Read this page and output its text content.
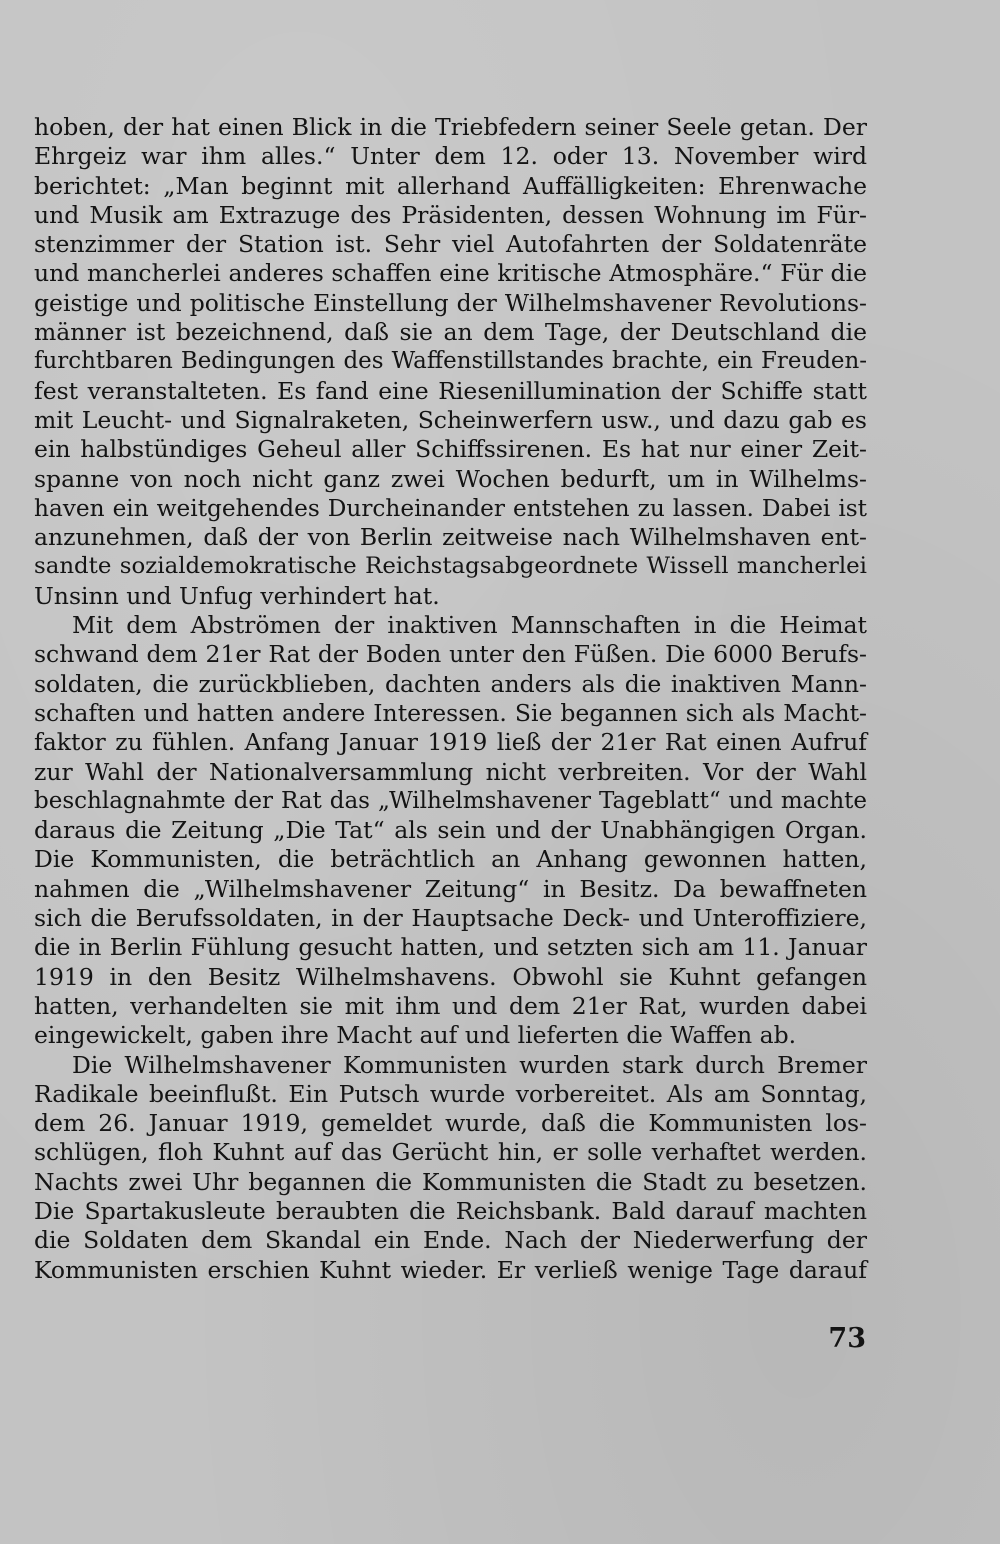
hoben, der hat einen Blick in die Triebfedern seiner Seele getan. Der
Ehrgeiz war ihm alles.“ Unter dem 12. oder 13. November wird
berichtet: „Man beginnt mit allerhand Auffälligkeiten: Ehrenwache
und Musik am Extrazuge des Präsidenten, dessen Wohnung im Für-
stenzimmer der Station ist. Sehr viel Autofahrten der Soldatenräte
und mancherlei anderes schaffen eine kritische Atmosphäre.“ Für die
geistige und politische Einstellung der Wilhelmshavener Revolutions-
männer ist bezeichnend, daß sie an dem Tage, der Deutschland die
furchtbaren Bedingungen des Waffenstillstandes brachte, ein Freuden-
fest veranstalteten. Es fand eine Riesenillumination der Schiffe statt
mit Leucht- und Signalraketen, Scheinwerfern usw., und dazu gab es
ein halbstündiges Geheul aller Schiffssirenen. Es hat nur einer Zeit-
spanne von noch nicht ganz zwei Wochen bedurft, um in Wilhelms-
haven ein weitgehendes Durcheinander entstehen zu lassen. Dabei ist
anzunehmen, daß der von Berlin zeitweise nach Wilhelmshaven ent-
sandte sozialdemokratische Reichstagsabgeordnete Wissell mancherlei
Unsinn und Unfug verhindert hat.
Mit dem Abströmen der inaktiven Mannschaften in die Heimat
schwand dem 21er Rat der Boden unter den Füßen. Die 6000 Berufs-
soldaten, die zurückblieben, dachten anders als die inaktiven Mann-
schaften und hatten andere Interessen. Sie begannen sich als Macht-
faktor zu fühlen. Anfang Januar 1919 ließ der 21er Rat einen Aufruf
zur Wahl der Nationalversammlung nicht verbreiten. Vor der Wahl
beschlagnahmte der Rat das „Wilhelmshavener Tageblatt“ und machte
daraus die Zeitung „Die Tat“ als sein und der Unabhängigen Organ.
Die Kommunisten, die beträchtlich an Anhang gewonnen hatten,
nahmen die „Wilhelmshavener Zeitung“ in Besitz. Da bewaffneten
sich die Berufssoldaten, in der Hauptsache Deck- und Unteroffiziere,
die in Berlin Fühlung gesucht hatten, und setzten sich am 11. Januar
1919 in den Besitz Wilhelmshavens. Obwohl sie Kuhnt gefangen
hatten, verhandelten sie mit ihm und dem 21er Rat, wurden dabei
eingewickelt, gaben ihre Macht auf und lieferten die Waffen ab.
Die Wilhelmshavener Kommunisten wurden stark durch Bremer
Radikale beeinflußt. Ein Putsch wurde vorbereitet. Als am Sonntag,
dem 26. Januar 1919, gemeldet wurde, daß die Kommunisten los-
schlügen, floh Kuhnt auf das Gerücht hin, er solle verhaftet werden.
Nachts zwei Uhr begannen die Kommunisten die Stadt zu besetzen.
Die Spartakusleute beraubten die Reichsbank. Bald darauf machten
die Soldaten dem Skandal ein Ende. Nach der Niederwerfung der
Kommunisten erschien Kuhnt wieder. Er verließ wenige Tage darauf
73
